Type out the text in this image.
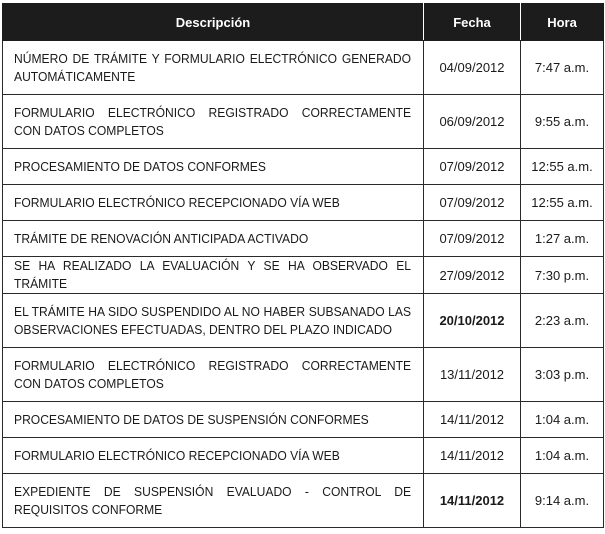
Descripción	Fecha	Hora
NÚMERO DE TRÁMITE Y FORMULARIO ELECTRÓNICO GENERADO AUTOMÁTICAMENTE	04/09/2012	7:47 a.m.
FORMULARIO ELECTRÓNICO REGISTRADO CORRECTAMENTE CON DATOS COMPLETOS	06/09/2012	9:55 a.m.
PROCESAMIENTO DE DATOS CONFORMES	07/09/2012	12:55 a.m.
FORMULARIO ELECTRÓNICO RECEPCIONADO VÍA WEB	07/09/2012	12:55 a.m.
TRÁMITE DE RENOVACIÓN ANTICIPADA ACTIVADO	07/09/2012	1:27 a.m.
SE HA REALIZADO LA EVALUACIÓN Y SE HA OBSERVADO EL TRÁMITE	27/09/2012	7:30 p.m.
EL TRÁMITE HA SIDO SUSPENDIDO AL NO HABER SUBSANADO LAS OBSERVACIONES EFECTUADAS, DENTRO DEL PLAZO INDICADO	20/10/2012	2:23 a.m.
FORMULARIO ELECTRÓNICO REGISTRADO CORRECTAMENTE CON DATOS COMPLETOS	13/11/2012	3:03 p.m.
PROCESAMIENTO DE DATOS DE SUSPENSIÓN CONFORMES	14/11/2012	1:04 a.m.
FORMULARIO ELECTRÓNICO RECEPCIONADO VÍA WEB	14/11/2012	1:04 a.m.
EXPEDIENTE DE SUSPENSIÓN EVALUADO - CONTROL DE REQUISITOS CONFORME	14/11/2012	9:14 a.m.
